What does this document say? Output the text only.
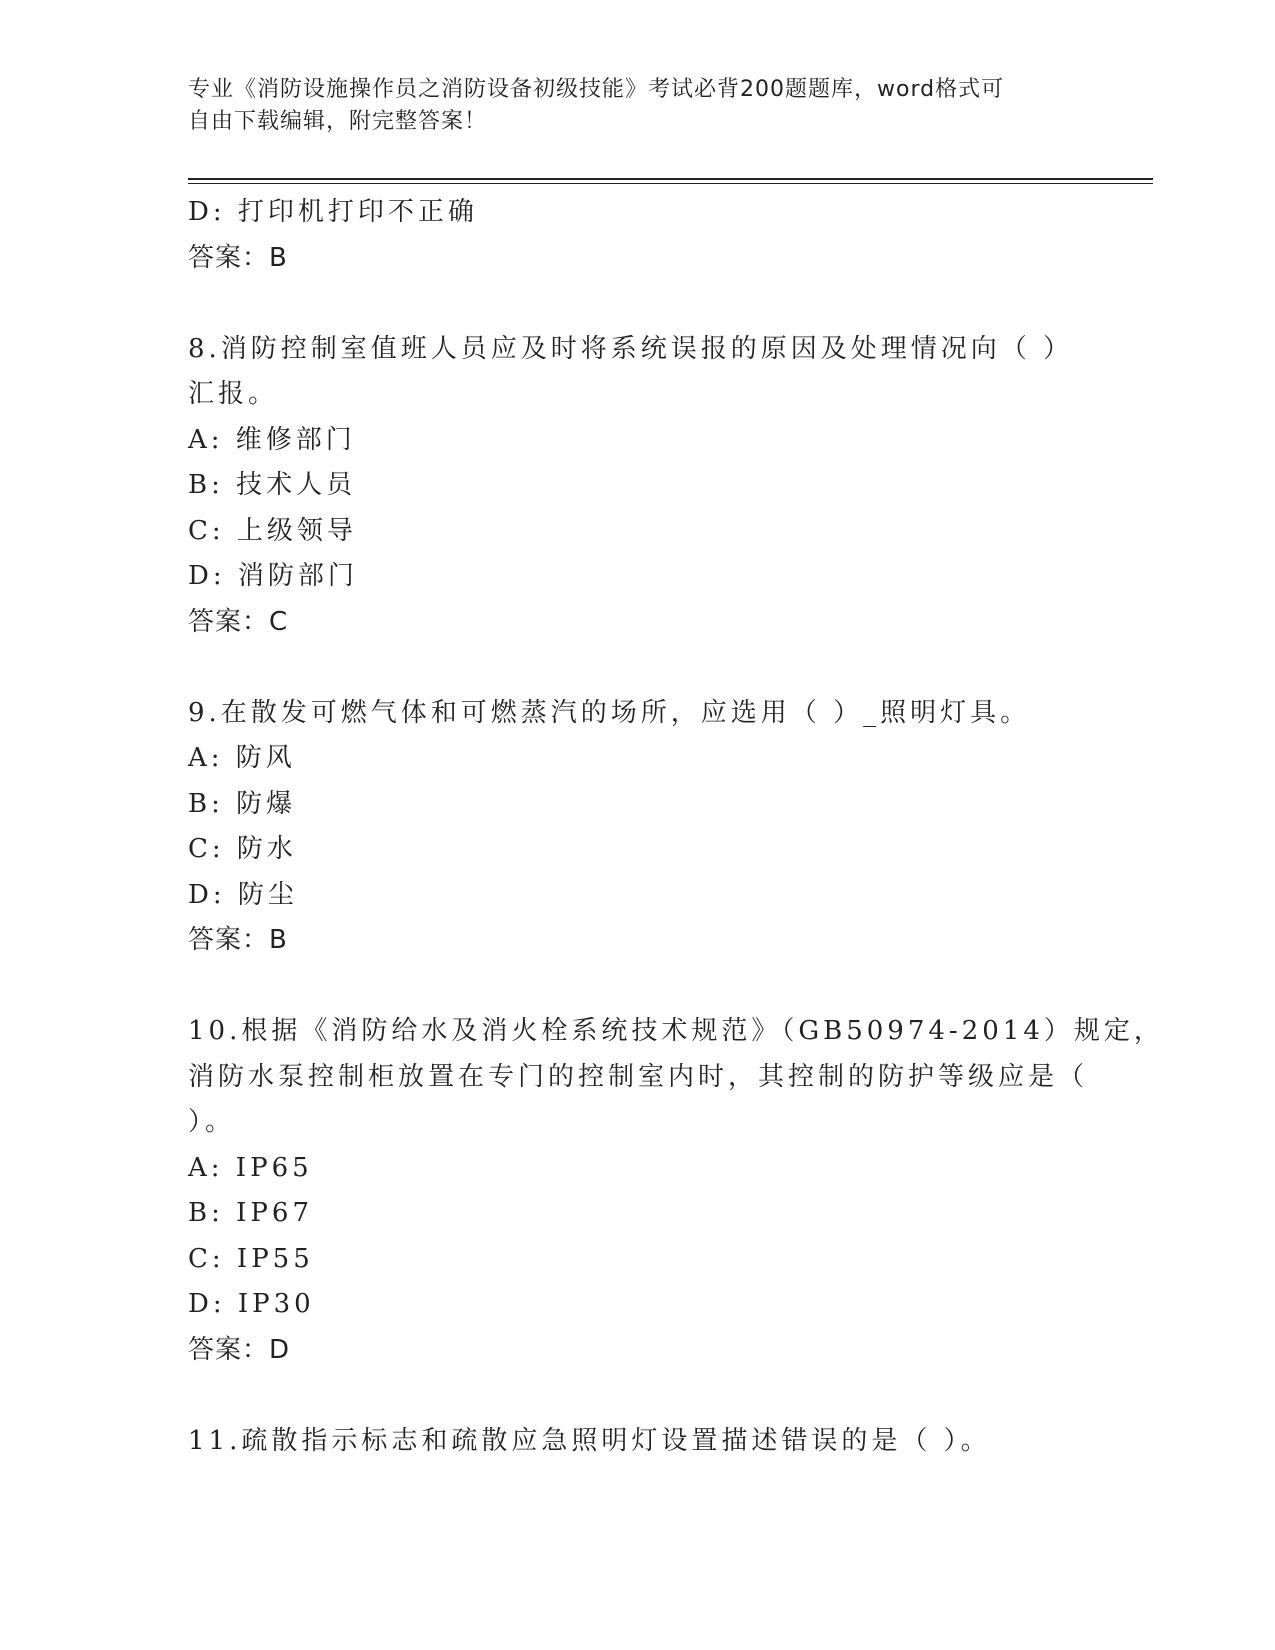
专业《消防设施操作员之消防设备初级技能》考试必背200题题库，word格式可
自由下载编辑，附完整答案！
D: 打印机打印不正确
答案：B
8.消防控制室值班人员应及时将系统误报的原因及处理情况向（ ）
汇报。
A: 维修部门
B: 技术人员
C: 上级领导
D: 消防部门
答案：C
9.在散发可燃气体和可燃蒸汽的场所，应选用（ ）_照明灯具。
A: 防风
B: 防爆
C: 防水
D: 防尘
答案：B
10.根据《消防给水及消火栓系统技术规范》（GB50974-2014）规定，
消防水泵控制柜放置在专门的控制室内时，其控制的防护等级应是（
）。
A: IP65
B: IP67
C: IP55
D: IP30
答案：D
11.疏散指示标志和疏散应急照明灯设置描述错误的是（ ）。
